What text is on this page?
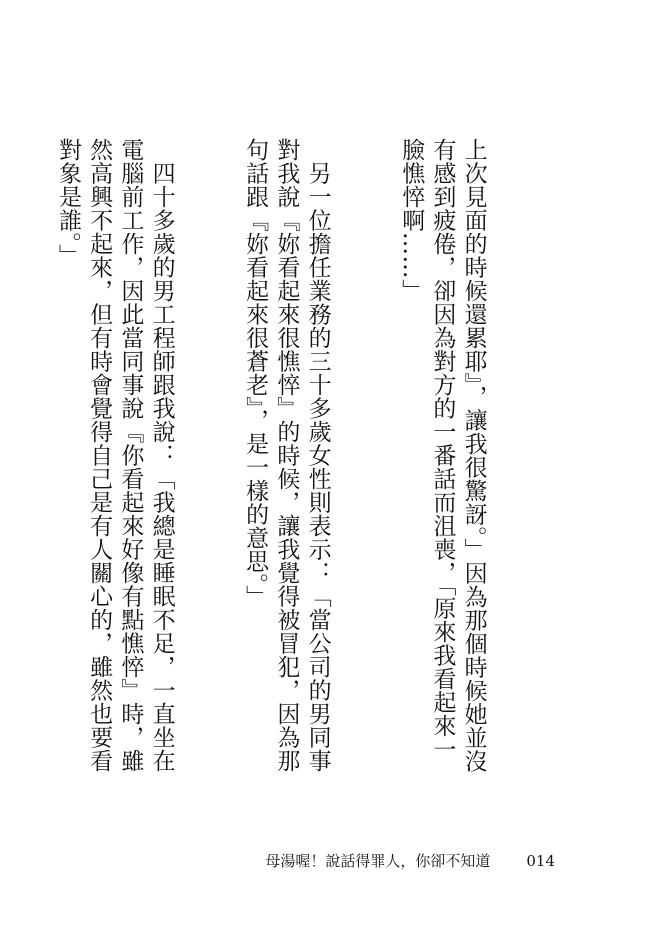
上次見面的時候還累耶』，讓我很驚訝。」因為那個時候她並沒有感到疲倦，卻因為對方的一番話而沮喪，「原來我看起來一臉憔悴啊……」

　另一位擔任業務的三十多歲女性則表示：「當公司的男同事對我說『妳看起來很憔悴』的時候，讓我覺得被冒犯，因為那句話跟『妳看起來很蒼老』，是一樣的意思。」

　四十多歲的男工程師跟我說：「我總是睡眠不足，一直坐在電腦前工作，因此當同事說『你看起來好像有點憔悴』時，雖然高興不起來，但有時會覺得自己是有人關心的，雖然也要看對象是誰。」

母湯喔！說話得罪人，你卻不知道 014
